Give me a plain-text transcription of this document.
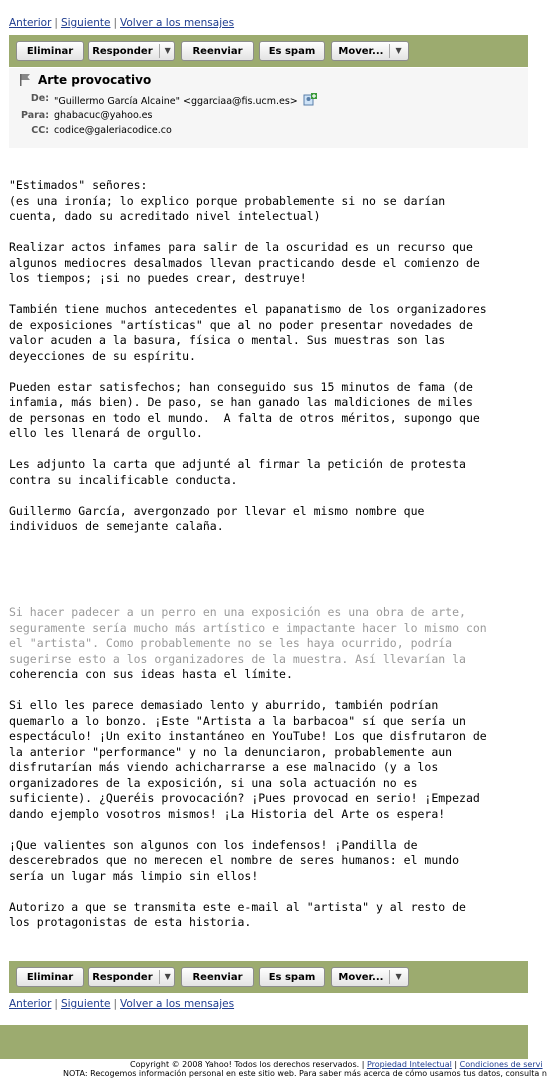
Anterior | Siguiente | Volver a los mensajes
Eliminar Responder	▼ Reenviar	Es spam Mover...	▼
Arte provocativo
De: "Guillermo García Alcaine" <ggarciaa@fis.ucm.es>
Para: ghabacuc@yahoo.es
CC: codice@galeriacodice.co

"Estimados" señores:

(es una ironía; lo explico porque probablemente si no se darían

cuenta, dado su acreditado nivel intelectual)

Realizar actos infames para salir de la oscuridad es un recurso que

algunos mediocres desalmados llevan practicando desde el comienzo de

los tiempos; ¡si no puedes crear, destruye!

También tiene muchos antecedentes el papanatismo de los organizadores

de exposiciones "artísticas" que al no poder presentar novedades de

valor acuden a la basura, física o mental. Sus muestras son las

deyecciones de su espíritu.

Pueden estar satisfechos; han conseguido sus 15 minutos de fama (de

infamia, más bien). De paso, se han ganado las maldiciones de miles

de personas en todo el mundo.  A falta de otros méritos, supongo que

ello les llenará de orgullo.

Les adjunto la carta que adjunté al firmar la petición de protesta

contra su incalificable conducta.

Guillermo García, avergonzado por llevar el mismo nombre que

individuos de semejante calaña.

Si hacer padecer a un perro en una exposición es una obra de arte,

seguramente sería mucho más artístico e impactante hacer lo mismo con

el "artista". Como probablemente no se les haya ocurrido, podría

sugerirse esto a los organizadores de la muestra. Así llevarían la

coherencia con sus ideas hasta el límite.

Si ello les parece demasiado lento y aburrido, también podrían

quemarlo a lo bonzo. ¡Este "Artista a la barbacoa" sí que sería un

espectáculo! ¡Un exito instantáneo en YouTube! Los que disfrutaron de

la anterior "performance" y no la denunciaron, probablemente aun

disfrutarían más viendo achicharrarse a ese malnacido (y a los

organizadores de la exposición, si una sola actuación no es

suficiente). ¿Queréis provocación? ¡Pues provocad en serio! ¡Empezad

dando ejemplo vosotros mismos! ¡La Historia del Arte os espera!

¡Que valientes son algunos con los indefensos! ¡Pandilla de

descerebrados que no merecen el nombre de seres humanos: el mundo

sería un lugar más limpio sin ellos!

Autorizo a que se transmita este e-mail al "artista" y al resto de

los protagonistas de esta historia.

Eliminar Responder	▼ Reenviar	Es spam Mover...	▼
Anterior | Siguiente | Volver a los mensajes
Copyright © 2008 Yahoo! Todos los derechos reservados. | Propiedad Intelectual | Condiciones de servi
NOTA: Recogemos información personal en este sitio web. Para saber más acerca de cómo usamos tus datos, consulta n
